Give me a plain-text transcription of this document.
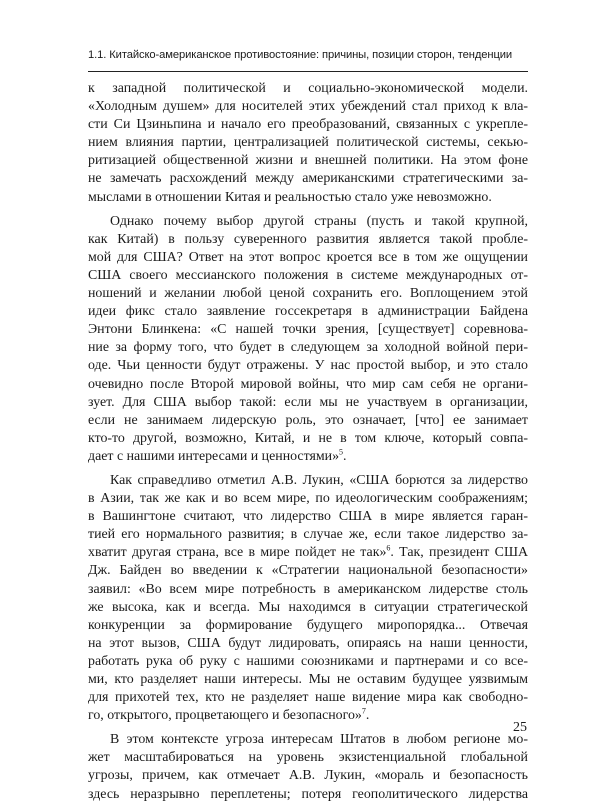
1.1. Китайско-американское противостояние: причины, позиции сторон, тенденции
к западной политической и социально-экономической модели.
«Холодным душем» для носителей этих убеждений стал приход к вла-
сти Си Цзиньпина и начало его преобразований, связанных с укрепле-
нием влияния партии, централизацией политической системы, секью-
ритизацией общественной жизни и внешней политики. На этом фоне
не замечать расхождений между американскими стратегическими за-
мыслами в отношении Китая и реальностью стало уже невозможно.
Однако почему выбор другой страны (пусть и такой крупной,
как Китай) в пользу суверенного развития является такой пробле-
мой для США? Ответ на этот вопрос кроется все в том же ощущении
США своего мессианского положения в системе международных от-
ношений и желании любой ценой сохранить его. Воплощением этой
идеи фикс стало заявление госсекретаря в администрации Байдена
Энтони Блинкена: «С нашей точки зрения, [существует] соревнова-
ние за форму того, что будет в следующем за холодной войной пери-
оде. Чьи ценности будут отражены. У нас простой выбор, и это стало
очевидно после Второй мировой войны, что мир сам себя не органи-
зует. Для США выбор такой: если мы не участвуем в организации,
если не занимаем лидерскую роль, это означает, [что] ее занимает
кто-то другой, возможно, Китай, и не в том ключе, который совпа-
дает с нашими интересами и ценностями»$^5$.
Как справедливо отметил А.В. Лукин, «США борются за лидерство
в Азии, так же как и во всем мире, по идеологическим соображениям;
в Вашингтоне считают, что лидерство США в мире является гаран-
тией его нормального развития; в случае же, если такое лидерство за-
хватит другая страна, все в мире пойдет не так»$^6$. Так, президент США
Дж. Байден во введении к «Стратегии национальной безопасности»
заявил: «Во всем мире потребность в американском лидерстве столь
же высока, как и всегда. Мы находимся в ситуации стратегической
конкуренции за формирование будущего миропорядка... Отвечая
на этот вызов, США будут лидировать, опираясь на наши ценности,
работать рука об руку с нашими союзниками и партнерами и со все-
ми, кто разделяет наши интересы. Мы не оставим будущее уязвимым
для прихотей тех, кто не разделяет наше видение мира как свободно-
го, открытого, процветающего и безопасного»$^7$.
В этом контексте угроза интересам Штатов в любом регионе мо-
жет масштабироваться на уровень экзистенциальной глобальной
угрозы, причем, как отмечает А.В. Лукин, «мораль и безопасность
здесь неразрывно переплетены; потеря геополитического лидерства
25
